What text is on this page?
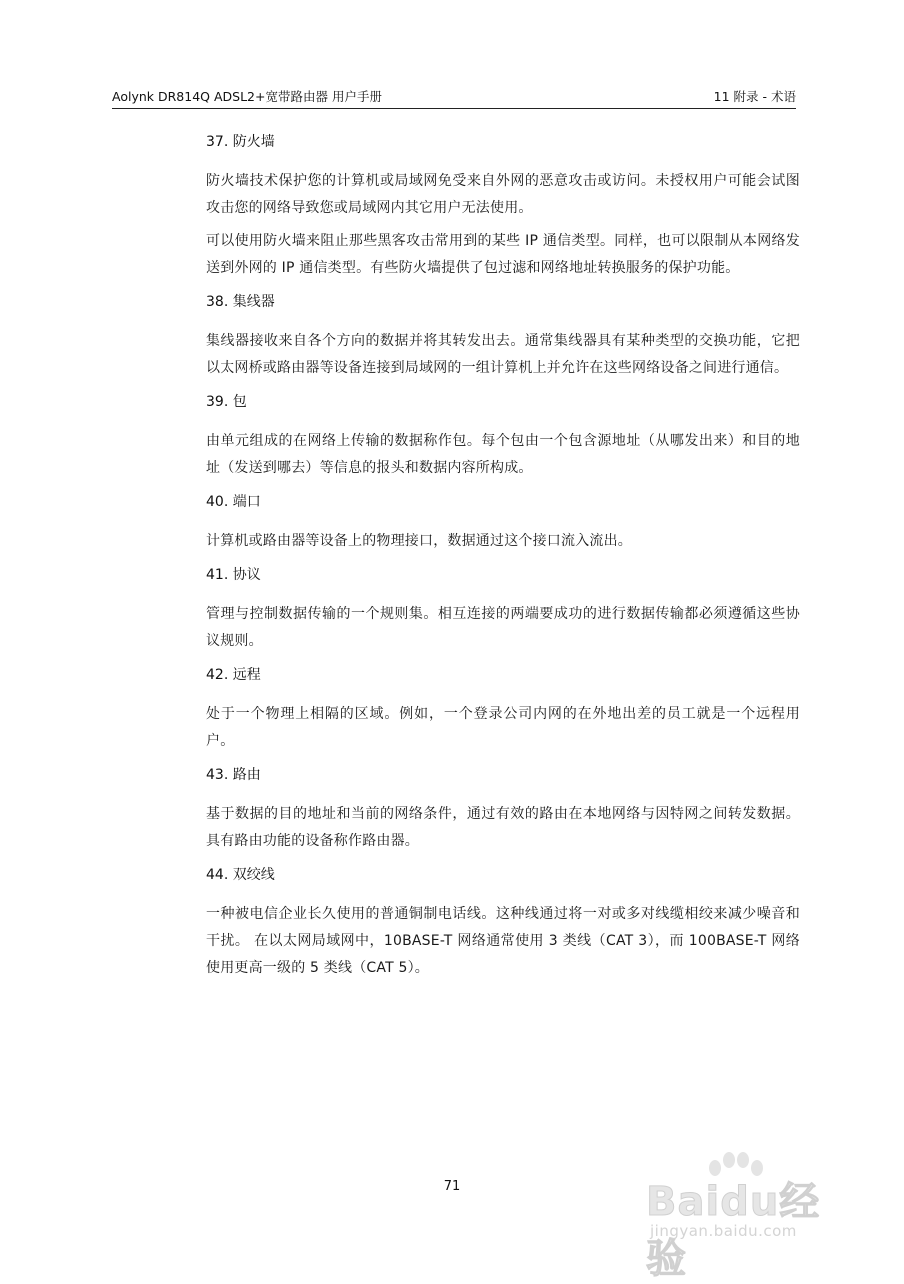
Aolynk DR814Q ADSL2+宽带路由器 用户手册	11 附录 - 术语
37. 防火墙

防火墙技术保护您的计算机或局域网免受来自外网的恶意攻击或访问。未授权用户可能会试图攻击您的网络导致您或局域网内其它用户无法使用。

可以使用防火墙来阻止那些黑客攻击常用到的某些 IP 通信类型。同样，也可以限制从本网络发送到外网的 IP 通信类型。有些防火墙提供了包过滤和网络地址转换服务的保护功能。

38. 集线器

集线器接收来自各个方向的数据并将其转发出去。通常集线器具有某种类型的交换功能，它把以太网桥或路由器等设备连接到局域网的一组计算机上并允许在这些网络设备之间进行通信。

39. 包

由单元组成的在网络上传输的数据称作包。每个包由一个包含源地址（从哪发出来）和目的地址（发送到哪去）等信息的报头和数据内容所构成。

40. 端口

计算机或路由器等设备上的物理接口，数据通过这个接口流入流出。

41. 协议

管理与控制数据传输的一个规则集。相互连接的两端要成功的进行数据传输都必须遵循这些协议规则。

42. 远程

处于一个物理上相隔的区域。例如，一个登录公司内网的在外地出差的员工就是一个远程用户。

43. 路由

基于数据的目的地址和当前的网络条件，通过有效的路由在本地网络与因特网之间转发数据。具有路由功能的设备称作路由器。

44. 双绞线

一种被电信企业长久使用的普通铜制电话线。这种线通过将一对或多对线缆相绞来减少噪音和干扰。 在以太网局域网中，10BASE-T 网络通常使用 3 类线（CAT 3），而 100BASE-T 网络使用更高一级的 5 类线（CAT 5）。

71	Baidu经验
jingyan.baidu.com
